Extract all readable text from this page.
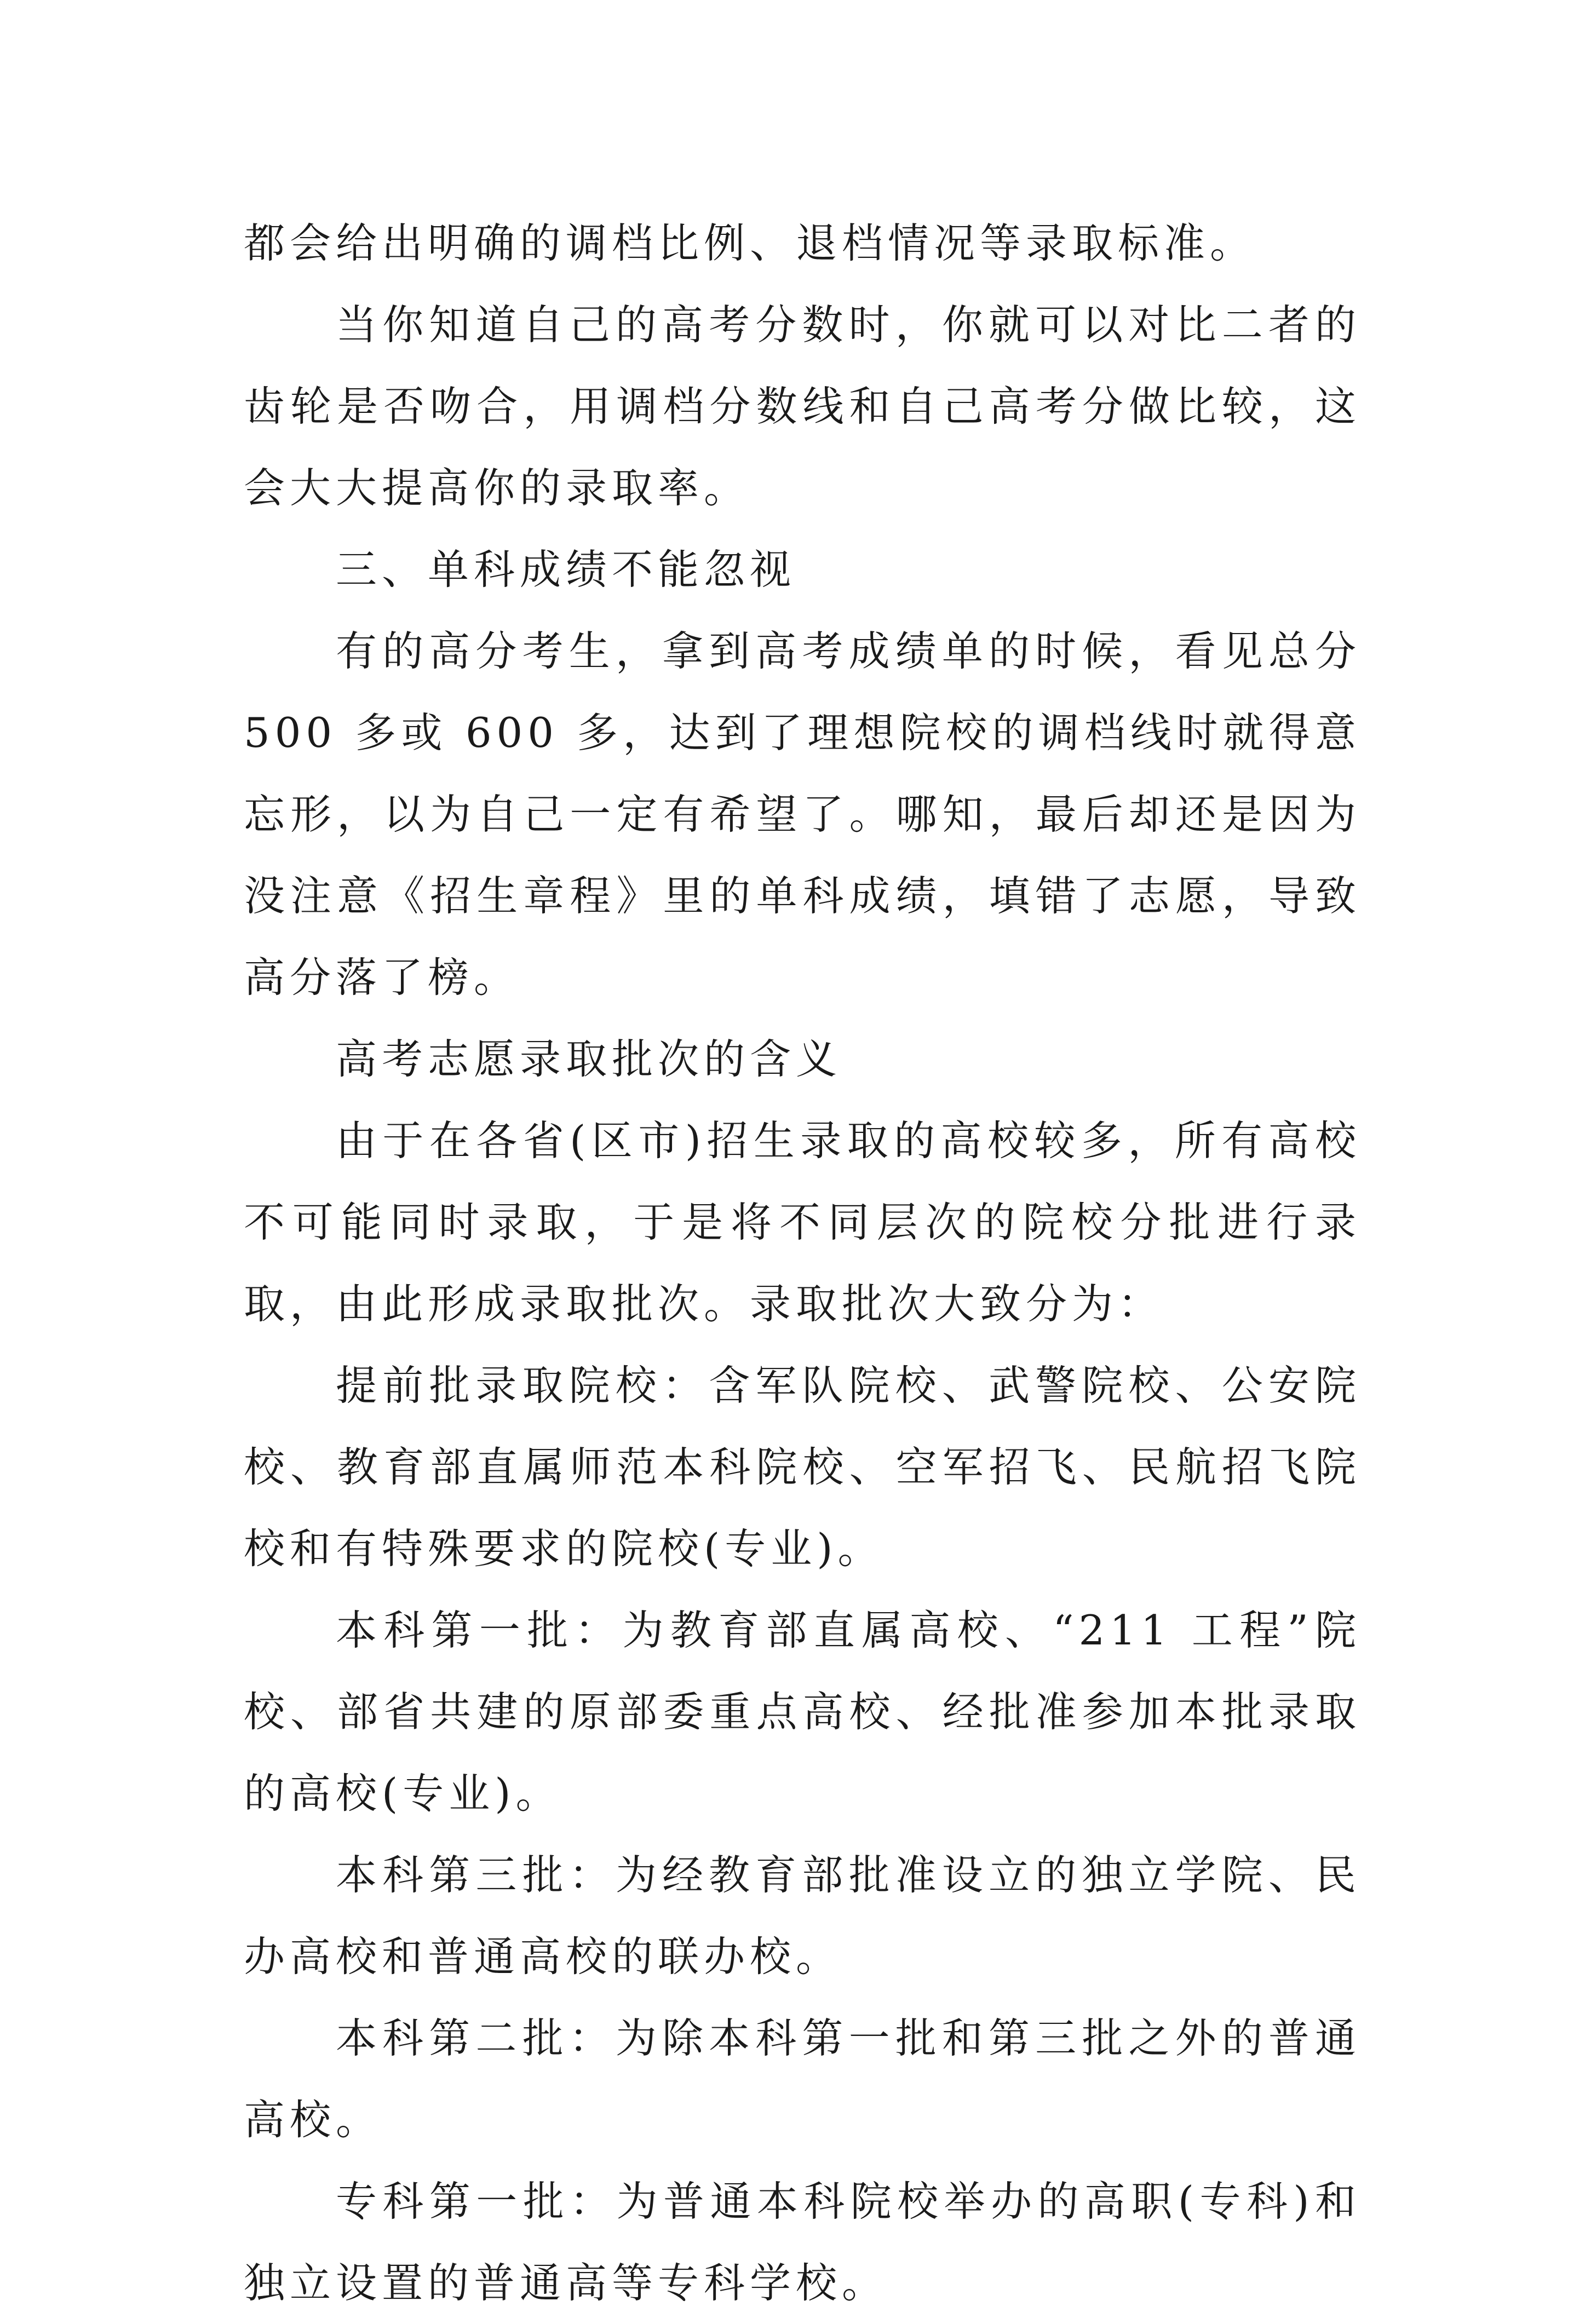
都会给出明确的调档比例、退档情况等录取标准。

当你知道自己的高考分数时，你就可以对比二者的齿轮是否吻合，用调档分数线和自己高考分做比较，这会大大提高你的录取率。

三、单科成绩不能忽视

有的高分考生，拿到高考成绩单的时候，看见总分 500 多或 600 多，达到了理想院校的调档线时就得意忘形，以为自己一定有希望了。哪知，最后却还是因为没注意《招生章程》里的单科成绩，填错了志愿，导致高分落了榜。

高考志愿录取批次的含义

由于在各省(区市)招生录取的高校较多，所有高校不可能同时录取，于是将不同层次的院校分批进行录取，由此形成录取批次。录取批次大致分为：

提前批录取院校：含军队院校、武警院校、公安院校、教育部直属师范本科院校、空军招飞、民航招飞院校和有特殊要求的院校(专业)。

本科第一批：为教育部直属高校、“211 工程”院校、部省共建的原部委重点高校、经批准参加本批录取的高校(专业)。

本科第三批：为经教育部批准设立的独立学院、民办高校和普通高校的联办校。

本科第二批：为除本科第一批和第三批之外的普通高校。

专科第一批：为普通本科院校举办的高职(专科)和独立设置的普通高等专科学校。
